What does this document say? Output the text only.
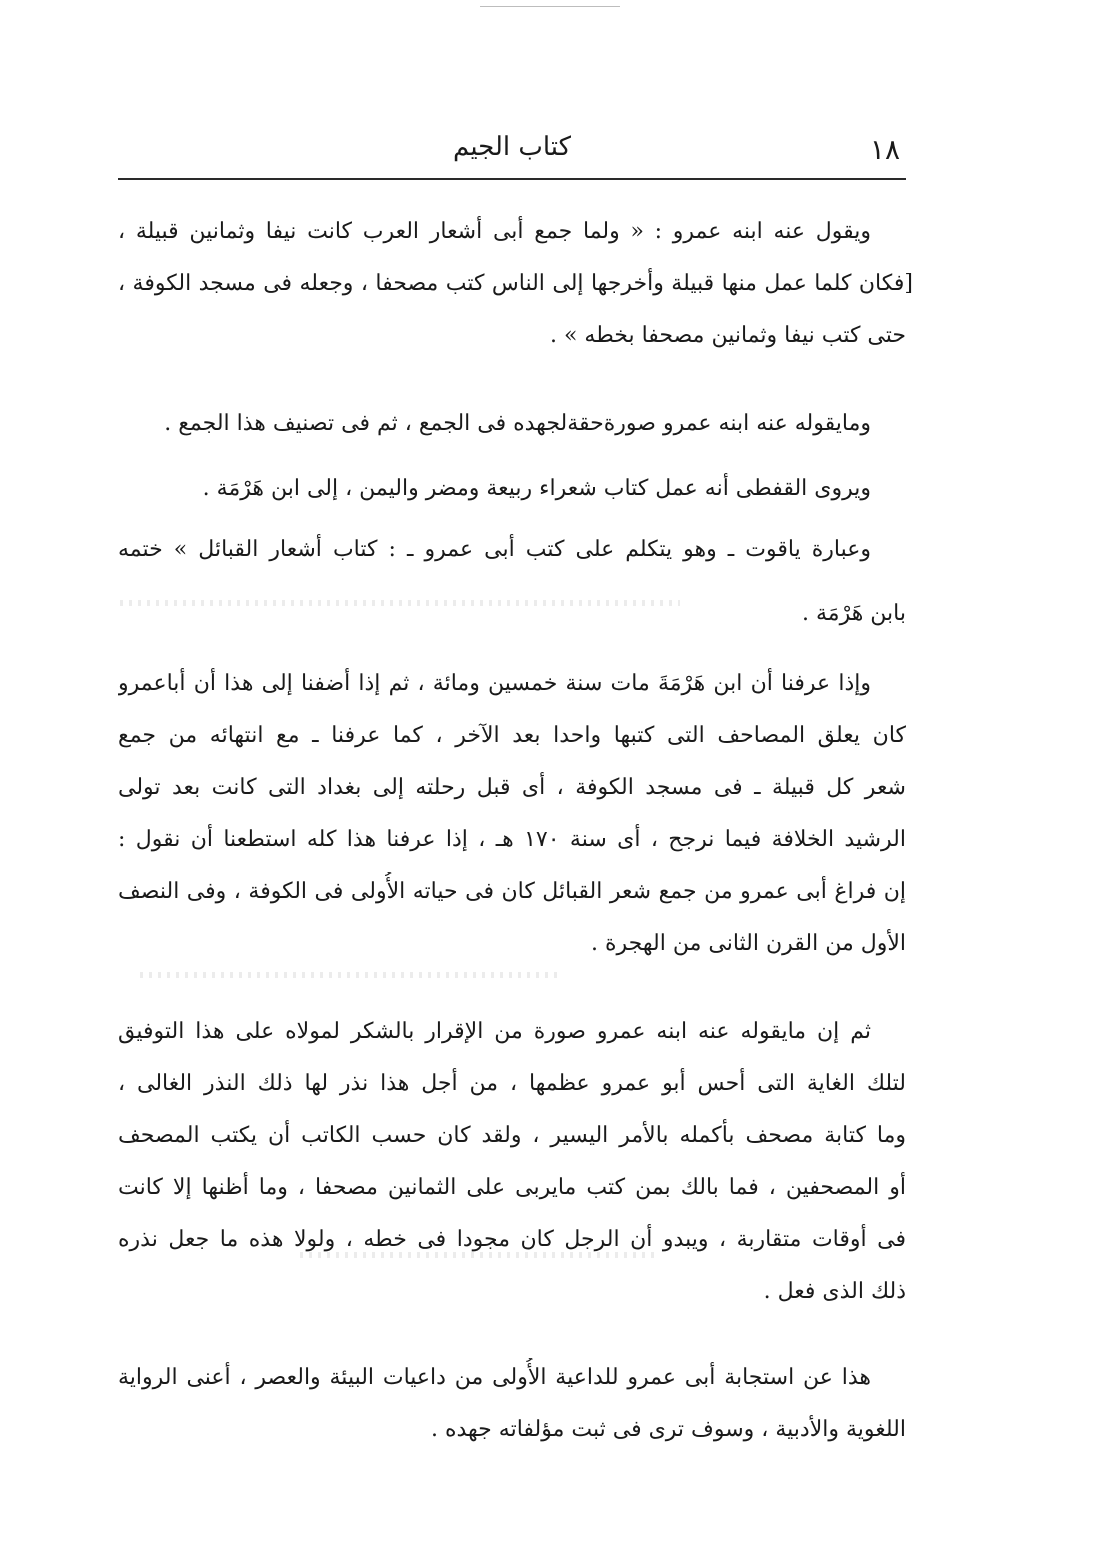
١٨
كتاب الجيم
ويقول عنه ابنه عمرو : « ولما جمع أبى أشعار العرب كانت نيفا وثمانين قبيلة ،
[فكان كلما عمل منها قبيلة وأخرجها إلى الناس كتب مصحفا ، وجعله فى مسجد الكوفة ،
حتى كتب نيفا وثمانين مصحفا بخطه » .
ومايقوله عنه ابنه عمرو صورةحقةلجهده فى الجمع ، ثم فى تصنيف هذا الجمع .
ويروى القفطى أنه عمل كتاب شعراء ربيعة ومضر واليمن ، إلى ابن هَرْمَة .
وعبارة ياقوت ـ وهو يتكلم على كتب أبى عمرو ـ : كتاب أشعار القبائل » ختمه
بابن هَرْمَة .
وإذا عرفنا أن ابن هَرْمَةَ مات سنة خمسين ومائة ، ثم إذا أضفنا إلى هذا أن أباعمرو
كان يعلق المصاحف التى كتبها واحدا بعد الآخر ، كما عرفنا ـ مع انتهائه من جمع
شعر كل قبيلة ـ فى مسجد الكوفة ، أى قبل رحلته إلى بغداد التى كانت بعد تولى
الرشيد الخلافة فيما نرجح ، أى سنة ١٧٠ هـ ، إذا عرفنا هذا كله استطعنا أن نقول :
إن فراغ أبى عمرو من جمع شعر القبائل كان فى حياته الأُولى فى الكوفة ، وفى النصف
الأول من القرن الثانى من الهجرة .
ثم إن مايقوله عنه ابنه عمرو صورة من الإقرار بالشكر لمولاه على هذا التوفيق
لتلك الغاية التى أحس أبو عمرو عظمها ، من أجل هذا نذر لها ذلك النذر الغالى ،
وما كتابة مصحف بأكمله بالأمر اليسير ، ولقد كان حسب الكاتب أن يكتب المصحف
أو المصحفين ، فما بالك بمن كتب مايربى على الثمانين مصحفا ، وما أظنها إلا كانت
فى أوقات متقاربة ، ويبدو أن الرجل كان مجودا فى خطه ، ولولا هذه ما جعل نذره
ذلك الذى فعل .
هذا عن استجابة أبى عمرو للداعية الأُولى من داعيات البيئة والعصر ، أعنى الرواية
اللغوية والأدبية ، وسوف ترى فى ثبت مؤلفاته جهده .
